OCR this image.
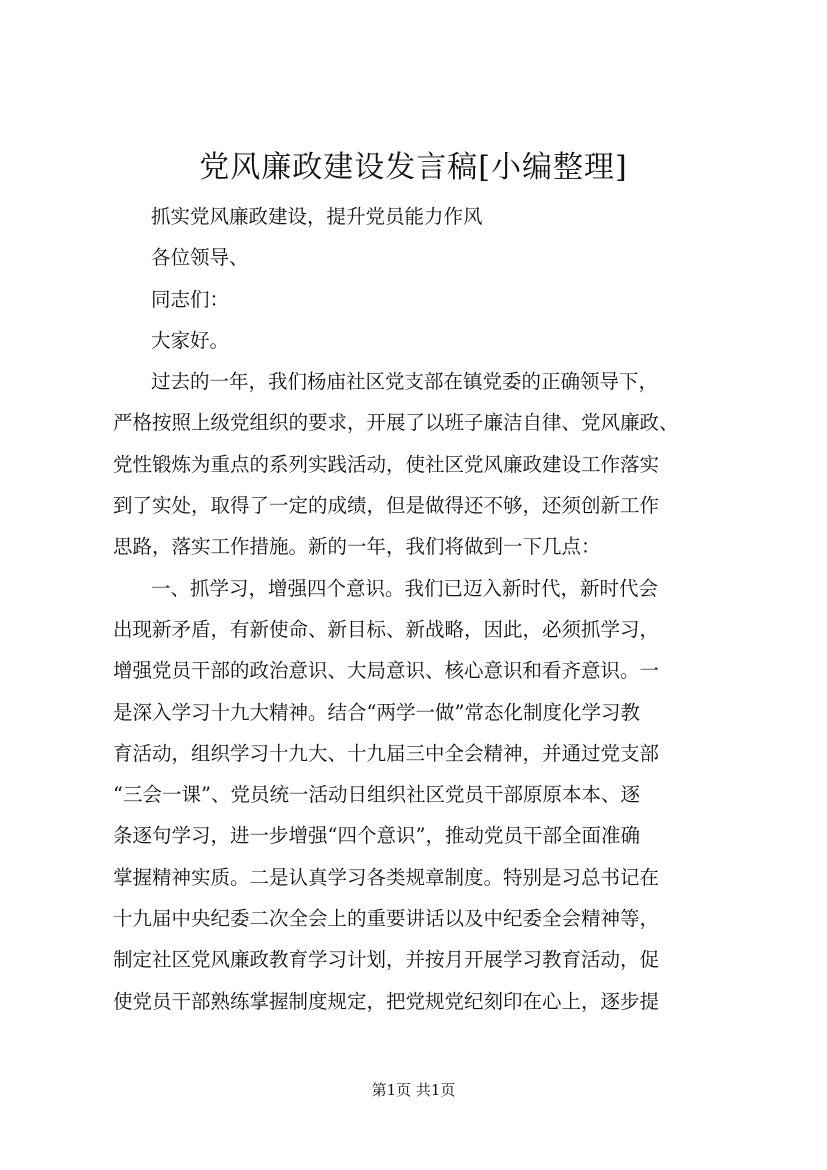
党风廉政建设发言稿[小编整理]
抓实党风廉政建设，提升党员能力作风
各位领导、
同志们：
大家好。
过去的一年，我们杨庙社区党支部在镇党委的正确领导下，
严格按照上级党组织的要求，开展了以班子廉洁自律、党风廉政、
党性锻炼为重点的系列实践活动，使社区党风廉政建设工作落实
到了实处，取得了一定的成绩，但是做得还不够，还须创新工作
思路，落实工作措施。新的一年，我们将做到一下几点：
一、抓学习，增强四个意识。我们已迈入新时代，新时代会
出现新矛盾，有新使命、新目标、新战略，因此，必须抓学习，
增强党员干部的政治意识、大局意识、核心意识和看齐意识。一
是深入学习十九大精神。结合“两学一做”常态化制度化学习教
育活动，组织学习十九大、十九届三中全会精神，并通过党支部
“三会一课”、党员统一活动日组织社区党员干部原原本本、逐
条逐句学习，进一步增强“四个意识”，推动党员干部全面准确
掌握精神实质。二是认真学习各类规章制度。特别是习总书记在
十九届中央纪委二次全会上的重要讲话以及中纪委全会精神等，
制定社区党风廉政教育学习计划，并按月开展学习教育活动，促
使党员干部熟练掌握制度规定，把党规党纪刻印在心上，逐步提
第1页 共1页
